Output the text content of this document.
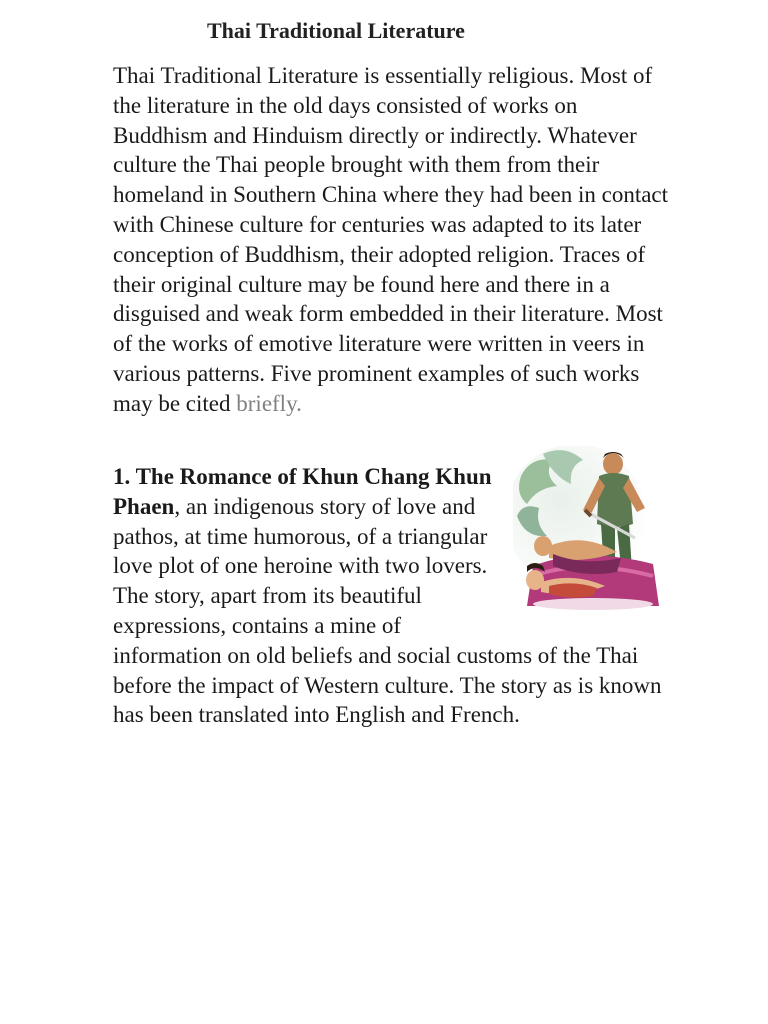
Thai Traditional Literature

Thai Traditional Literature is essentially religious. Most of the literature in the old days consisted of works on Buddhism and Hinduism directly or indirectly. Whatever culture the Thai people brought with them from their homeland in Southern China where they had been in contact with Chinese culture for centuries was adapted to its later conception of Buddhism, their adopted religion. Traces of their original culture may be found here and there in a disguised and weak form embedded in their literature. Most of the works of emotive literature were written in veers in various patterns. Five prominent examples of such works may be cited briefly.

1. The Romance of Khun Chang Khun Phaen, an indigenous story of love and pathos, at time humorous, of a triangular love plot of one heroine with two lovers. The story, apart from its beautiful expressions, contains a mine of information on old beliefs and social customs of the Thai before the impact of Western culture. The story as is known has been translated into English and French.
